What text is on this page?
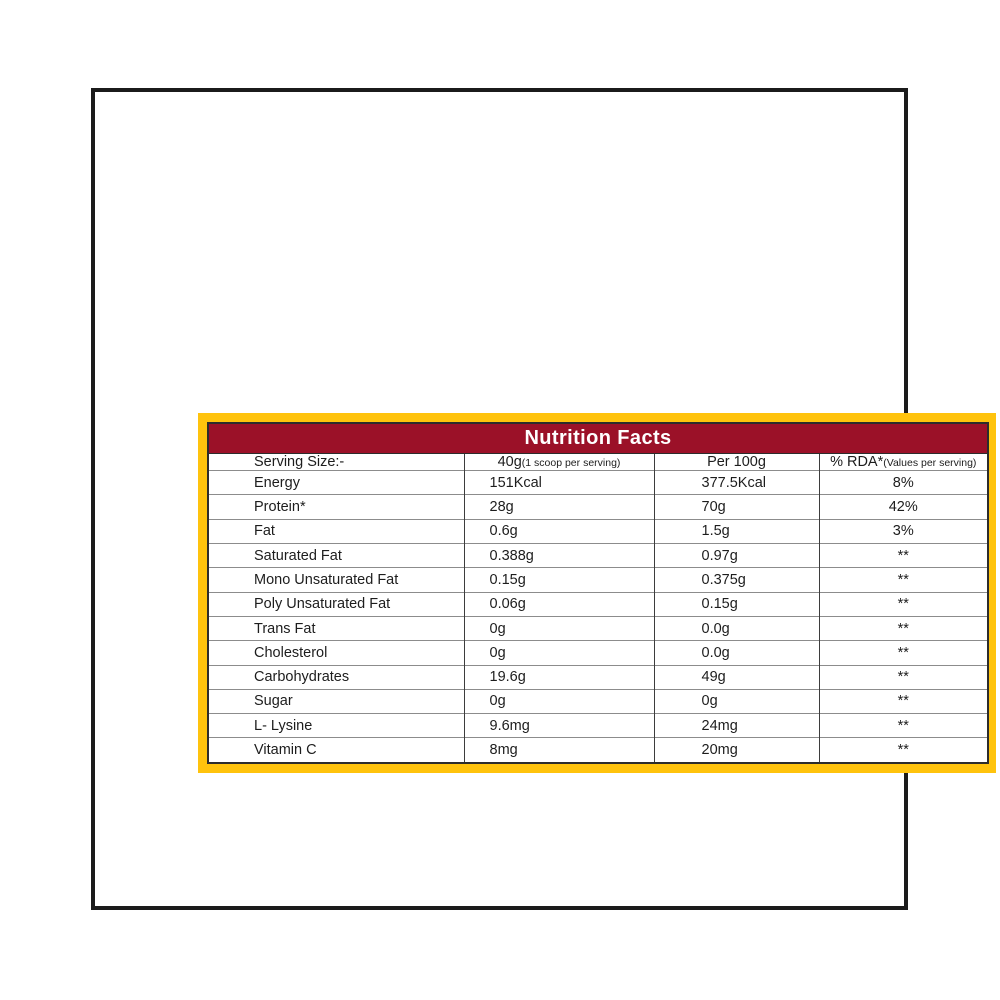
Nutrition Facts			
Serving Size:-	40g(1 scoop per serving)	Per 100g	% RDA*(Values per serving)
Energy	151Kcal	377.5Kcal	8%
Protein*	28g	70g	42%
Fat	0.6g	1.5g	3%
Saturated Fat	0.388g	0.97g	**
Mono Unsaturated Fat	0.15g	0.375g	**
Poly Unsaturated Fat	0.06g	0.15g	**
Trans Fat	0g	0.0g	**
Cholesterol	0g	0.0g	**
Carbohydrates	19.6g	49g	**
Sugar	0g	0g	**
L- Lysine	9.6mg	24mg	**
Vitamin C	8mg	20mg	**
